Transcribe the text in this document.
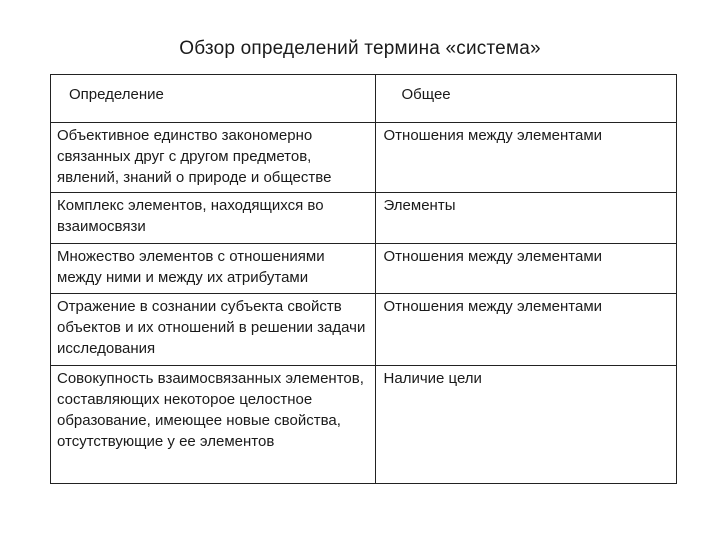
Обзор определений термина «система»
Определение	Общее
Объективное единство закономерно связанных друг с другом предметов, явлений, знаний о природе и обществе	Отношения между элементами
Комплекс элементов, находящихся во взаимосвязи	Элементы
Множество элементов с отношениями между ними и между их атрибутами	Отношения между элементами
Отражение в сознании субъекта свойств объектов и их отношений в решении задачи исследования	Отношения между элементами
Совокупность взаимосвязанных элементов, составляющих некоторое целостное образование, имеющее новые свойства, отсутствующие у ее элементов	Наличие цели
